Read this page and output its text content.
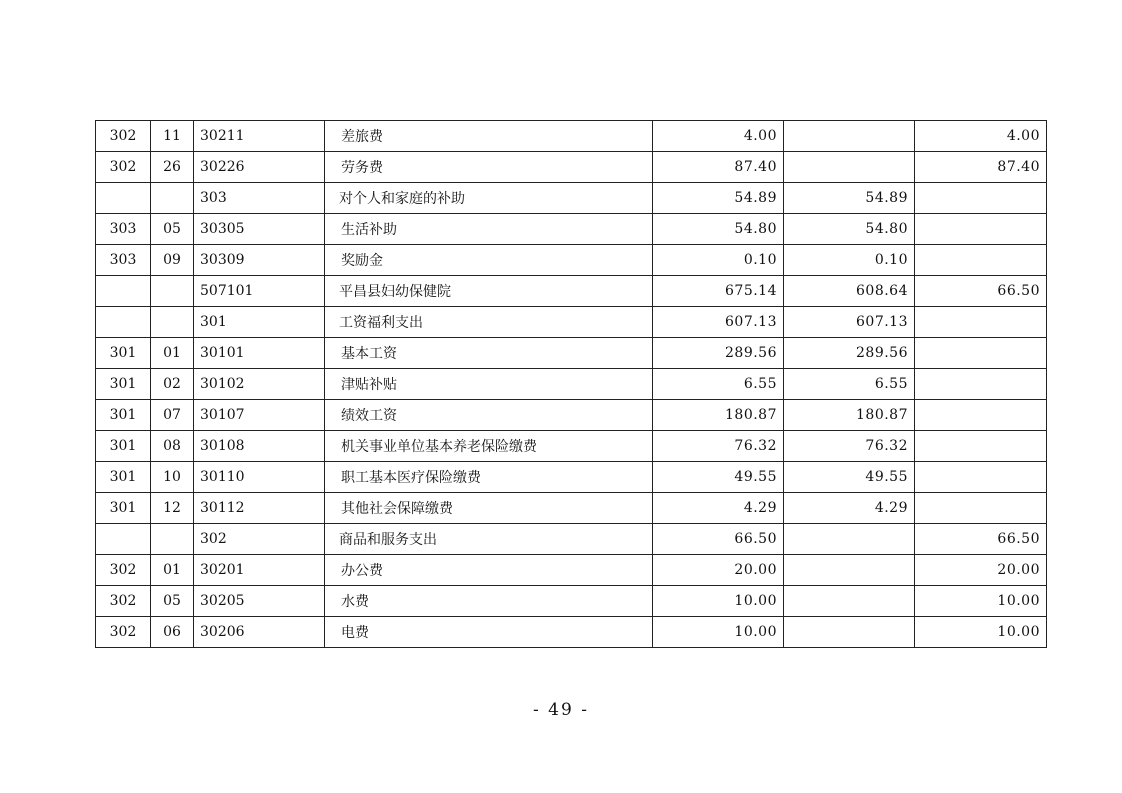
302	11	30211	差旅费	4.00		4.00
302	26	30226	劳务费	87.40		87.40
		303	对个人和家庭的补助	54.89	54.89	
303	05	30305	生活补助	54.80	54.80	
303	09	30309	奖励金	0.10	0.10	
		507101	平昌县妇幼保健院	675.14	608.64	66.50
		301	工资福利支出	607.13	607.13	
301	01	30101	基本工资	289.56	289.56	
301	02	30102	津贴补贴	6.55	6.55	
301	07	30107	绩效工资	180.87	180.87	
301	08	30108	机关事业单位基本养老保险缴费	76.32	76.32	
301	10	30110	职工基本医疗保险缴费	49.55	49.55	
301	12	30112	其他社会保障缴费	4.29	4.29	
		302	商品和服务支出	66.50		66.50
302	01	30201	办公费	20.00		20.00
302	05	30205	水费	10.00		10.00
302	06	30206	电费	10.00		10.00
- 49 -
